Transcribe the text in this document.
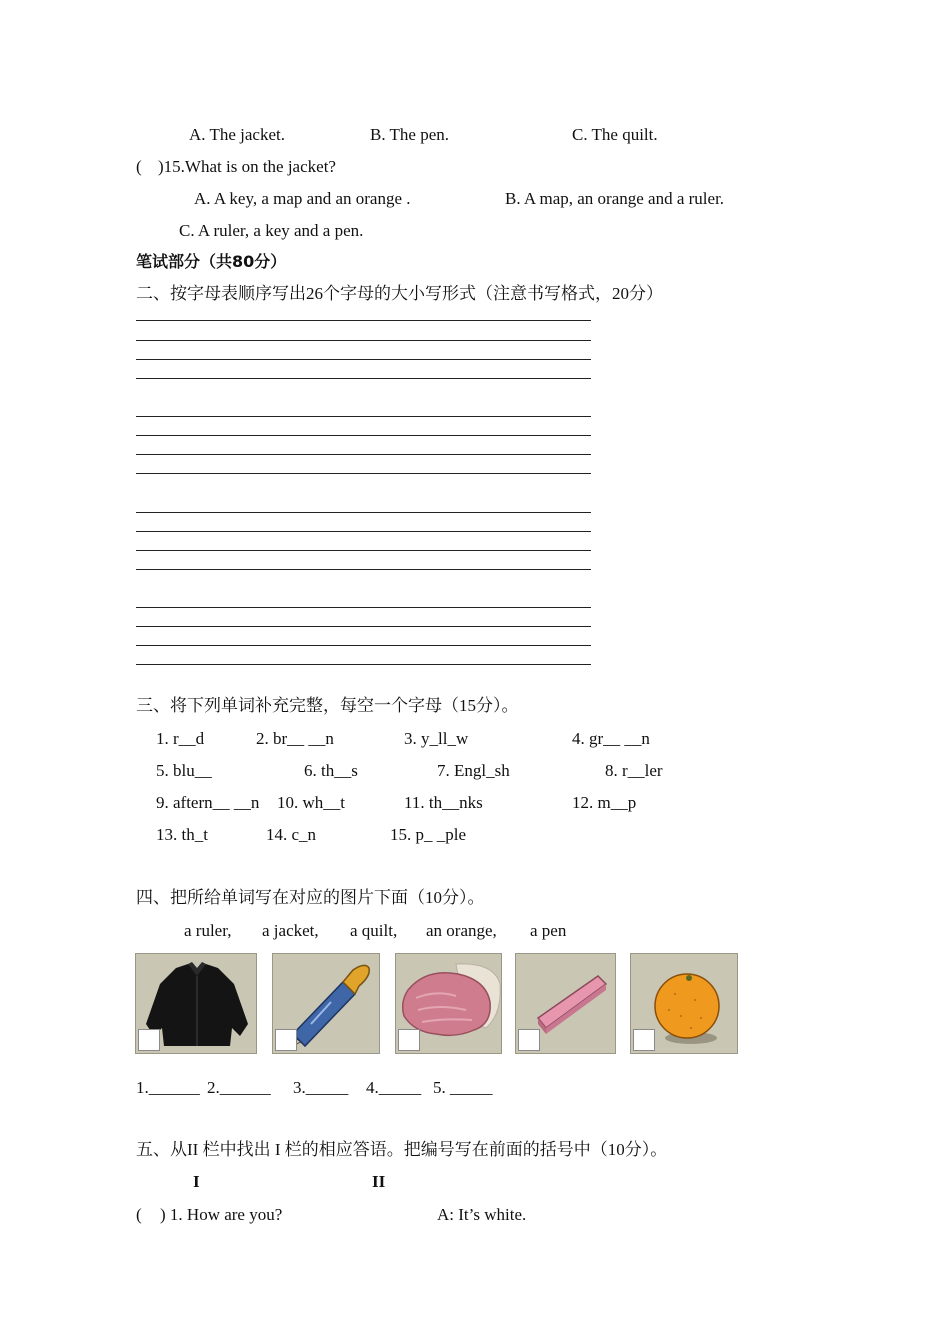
A. The jacket.	B. The pen.	C. The quilt.
( )15.What is on the jacket?
A. A key, a map and an orange .	B. A map, an orange and a ruler.
C. A ruler, a key and a pen.
笔试部分（共80分）
二、按字母表顺序写出26个字母的大小写形式（注意书写格式，20分）
三、将下列单词补充完整，每空一个字母（15分）。
1. r__d	2. br__ __n	3. y_ll_w	4. gr__ __n
5. blu__	6. th__s	7. Engl_sh	8. r__ler
9. aftern__ __n 10. wh__t	11. th__nks	12. m__p
13. th_t	14. c_n	15. p_ _ple
四、把所给单词写在对应的图片下面（10分）。
a ruler, a jacket, a quilt, an orange, a pen
1.______ 2.______ 3._____ 4._____ 5. _____
五、从II 栏中找出 I 栏的相应答语。把编号写在前面的括号中（10分）。
I	II
( ) 1. How are you?	A: It’s white.
